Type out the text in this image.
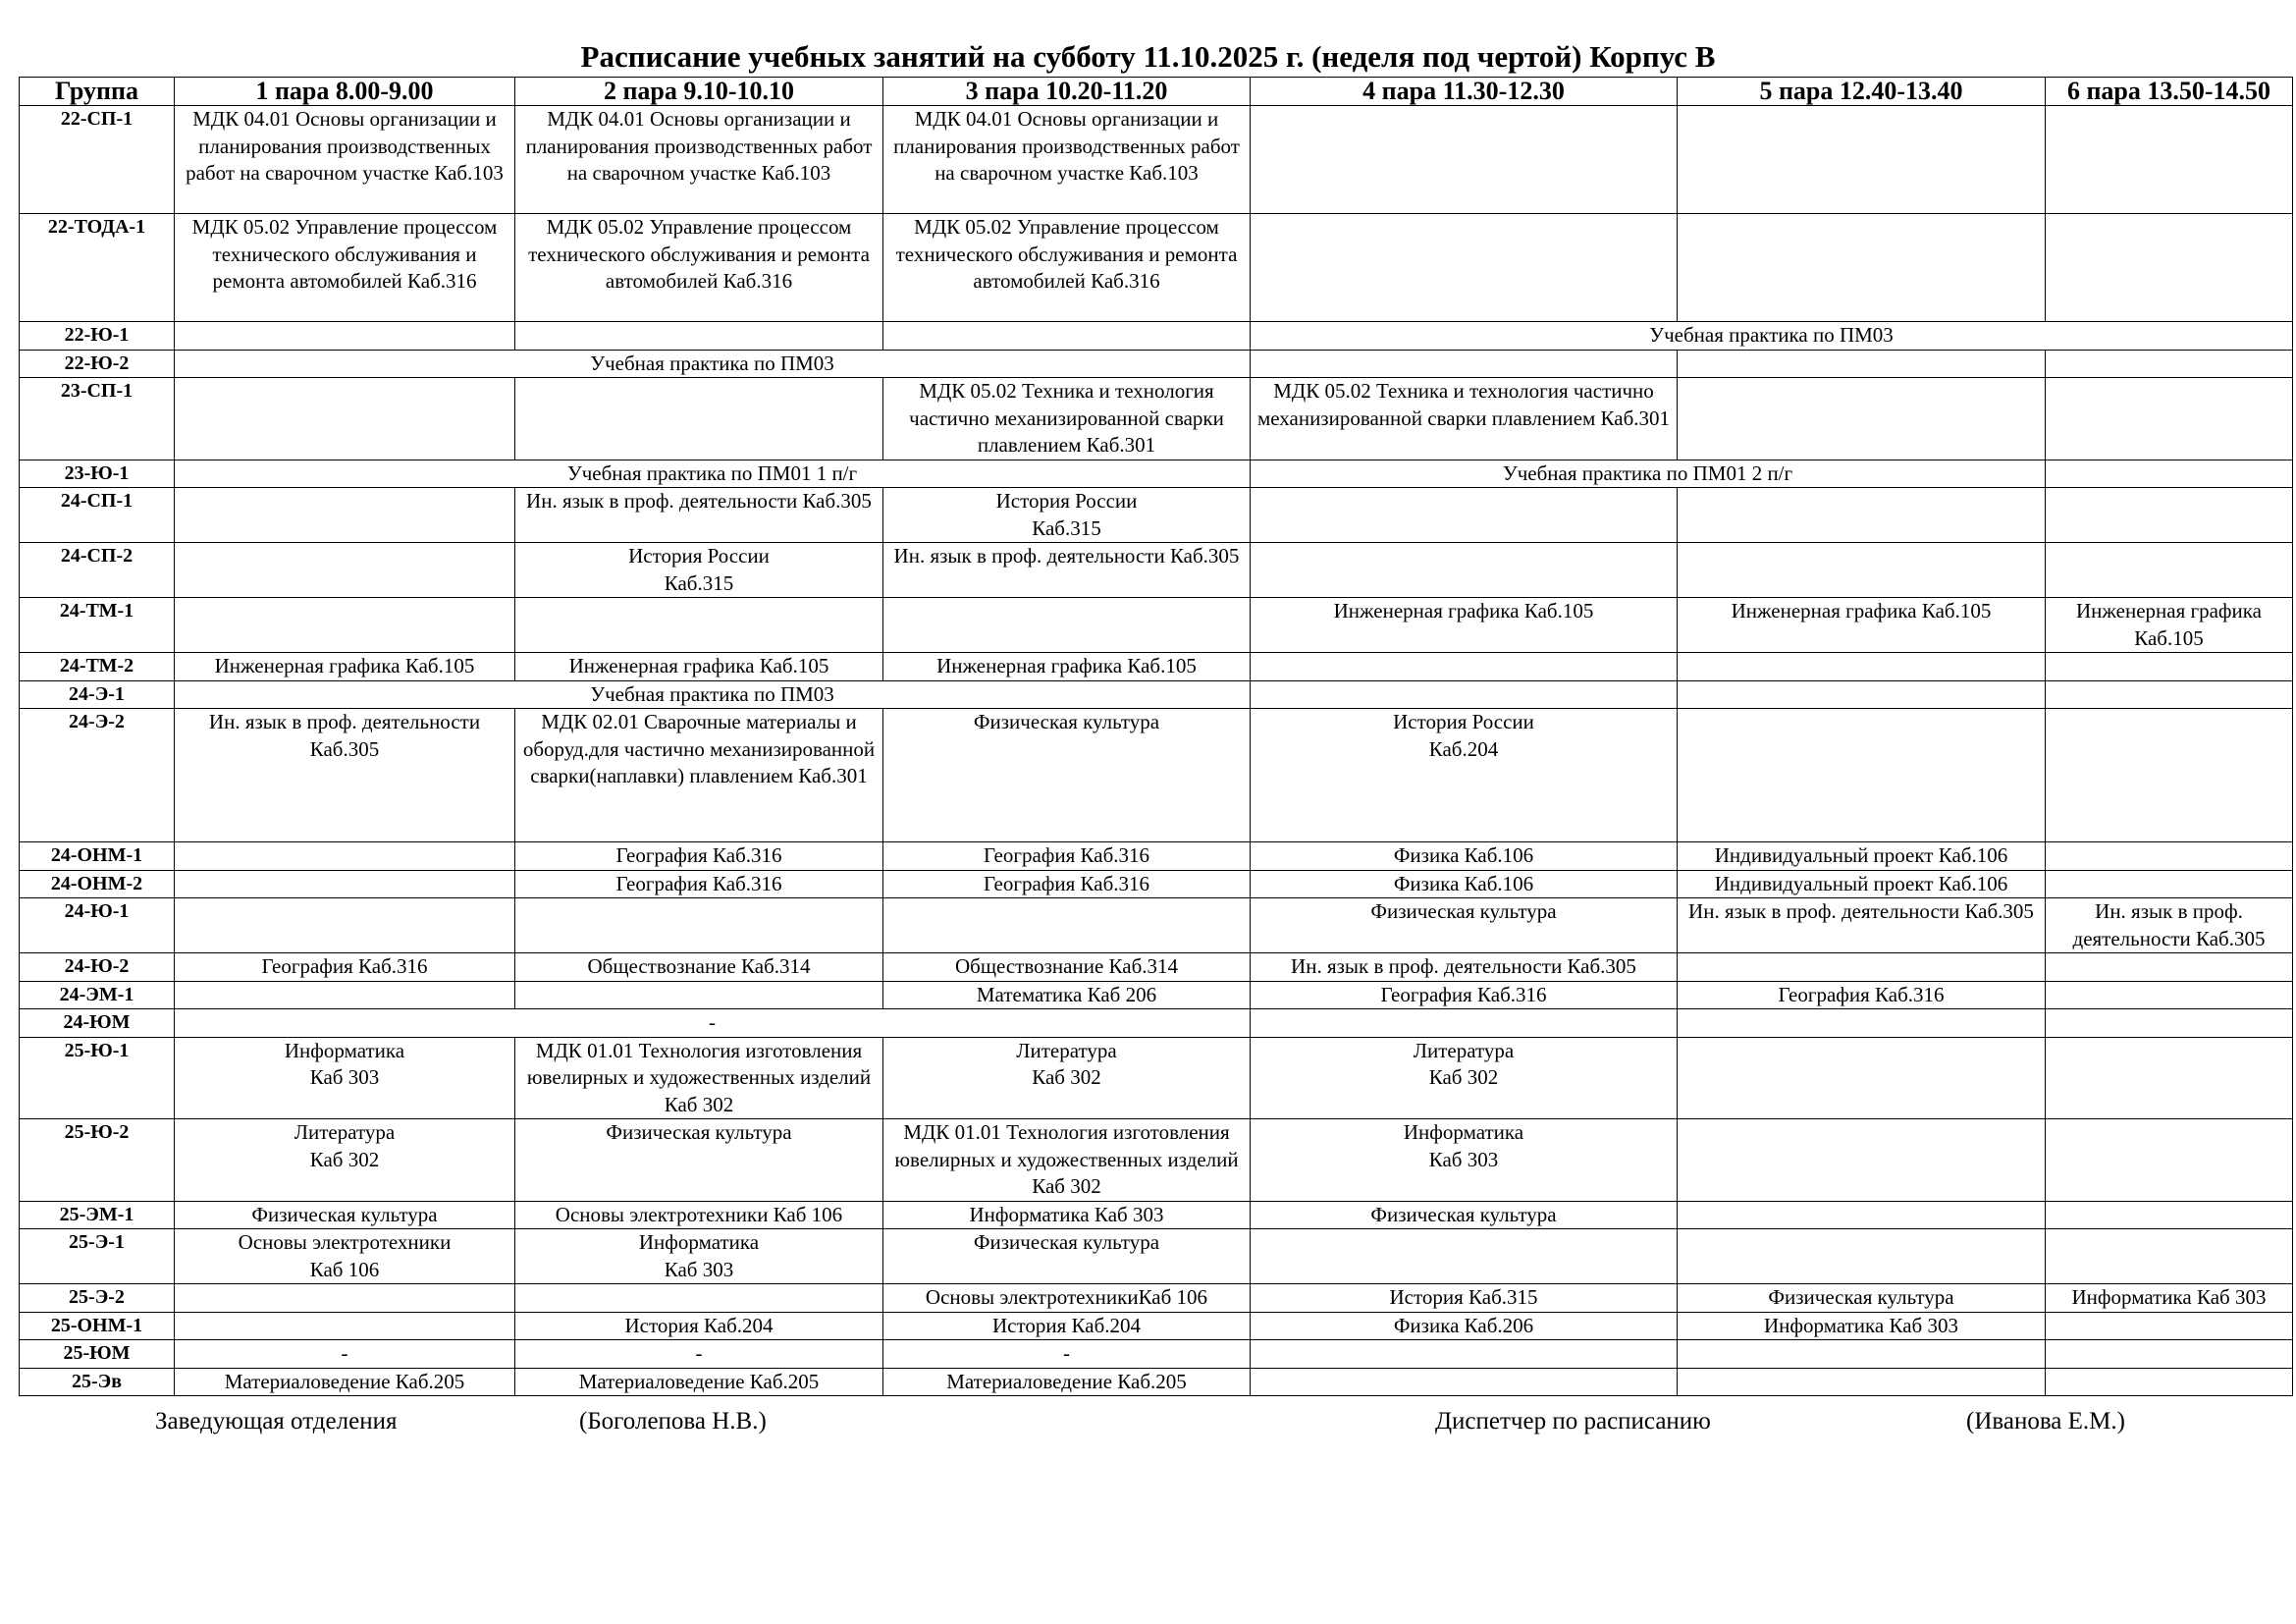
Расписание учебных занятий на субботу 11.10.2025 г. (неделя под чертой) Корпус В
Группа	1 пара 8.00-9.00	2 пара 9.10-10.10	3 пара 10.20-11.20	4 пара 11.30-12.30	5 пара 12.40-13.40	6 пара 13.50-14.50
22-СП-1	МДК 04.01 Основы организации и планирования производственных работ на сварочном участке Каб.103	МДК 04.01 Основы организации и планирования производственных работ на сварочном участке Каб.103	МДК 04.01 Основы организации и планирования производственных работ на сварочном участке Каб.103			
22-ТОДА-1	МДК 05.02 Управление процессом технического обслуживания и ремонта автомобилей Каб.316	МДК 05.02 Управление процессом технического обслуживания и ремонта автомобилей Каб.316	МДК 05.02 Управление процессом технического обслуживания и ремонта автомобилей Каб.316			
22-Ю-1				Учебная практика по ПМ03		
22-Ю-2	Учебная практика по ПМ03					
23-СП-1			МДК 05.02 Техника и технология частично механизированной сварки плавлением Каб.301	МДК 05.02 Техника и технология частично механизированной сварки плавлением Каб.301		
23-Ю-1	Учебная практика по ПМ01 1 п/г			Учебная практика по ПМ01 2 п/г		
24-СП-1		Ин. язык в проф. деятельности Каб.305	История России
Каб.315			
24-СП-2		История России
Каб.315	Ин. язык в проф. деятельности Каб.305			
24-ТМ-1				Инженерная графика Каб.105	Инженерная графика Каб.105	Инженерная графика Каб.105
24-ТМ-2	Инженерная графика Каб.105	Инженерная графика Каб.105	Инженерная графика Каб.105			
24-Э-1	Учебная практика по ПМ03					
24-Э-2	Ин. язык в проф. деятельности
Каб.305	МДК 02.01 Сварочные материалы и оборуд.для частично механизированной сварки(наплавки) плавлением Каб.301	Физическая культура	История России
Каб.204		
24-ОНМ-1		География Каб.316	География Каб.316	Физика Каб.106	Индивидуальный проект Каб.106	
24-ОНМ-2		География Каб.316	География Каб.316	Физика Каб.106	Индивидуальный проект Каб.106	
24-Ю-1				Физическая культура	Ин. язык в проф. деятельности Каб.305	Ин. язык в проф. деятельности Каб.305
24-Ю-2	География Каб.316	Обществознание Каб.314	Обществознание Каб.314	Ин. язык в проф. деятельности Каб.305		
24-ЭМ-1			Математика Каб 206	География Каб.316	География Каб.316	
24-ЮМ	-					
25-Ю-1	Информатика
Каб 303	МДК 01.01 Технология изготовления ювелирных и художественных изделий Каб 302	Литература
Каб 302	Литература
Каб 302		
25-Ю-2	Литература
Каб 302	Физическая культура	МДК 01.01 Технология изготовления ювелирных и художественных изделий Каб 302	Информатика
Каб 303		
25-ЭМ-1	Физическая культура	Основы электротехники Каб 106	Информатика Каб 303	Физическая культура		
25-Э-1	Основы электротехники
Каб 106	Информатика
Каб 303	Физическая культура			
25-Э-2			Основы электротехникиКаб 106	История Каб.315	Физическая культура	Информатика Каб 303
25-ОНМ-1		История Каб.204	История Каб.204	Физика Каб.206	Информатика Каб 303	
25-ЮМ	-	-	-			
25-Эв	Материаловедение Каб.205	Материаловедение Каб.205	Материаловедение Каб.205			
Заведующая отделения	(Боголепова Н.В.)	Диспетчер по расписанию	(Иванова Е.М.)
